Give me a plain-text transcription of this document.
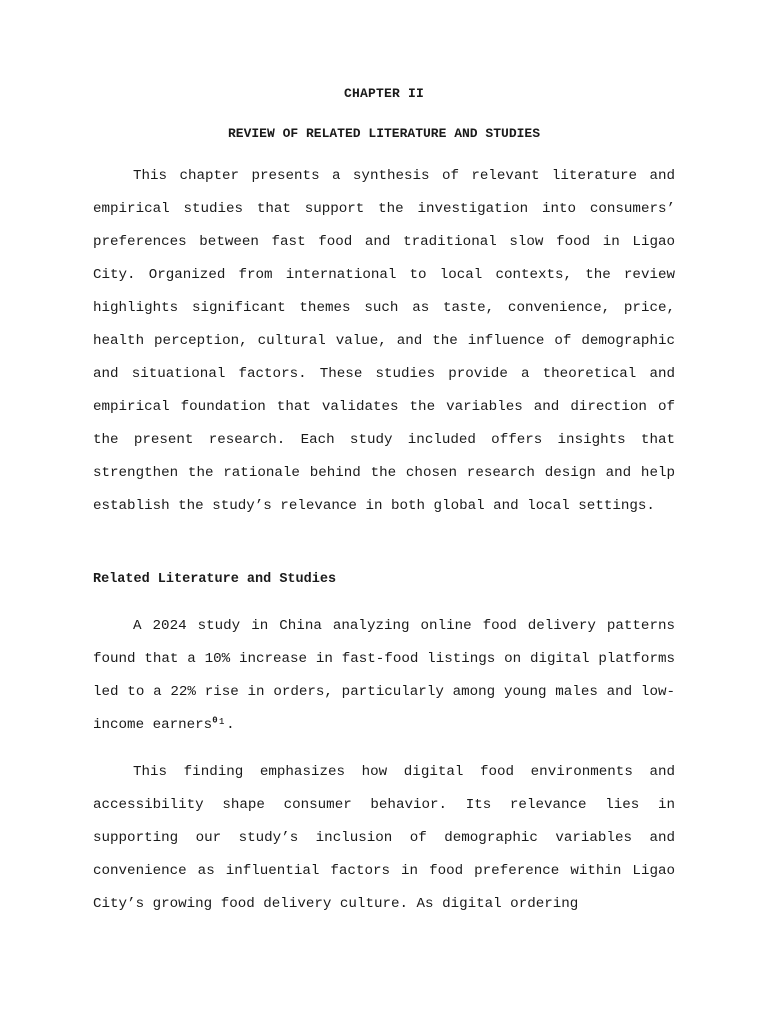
CHAPTER II
REVIEW OF RELATED LITERATURE AND STUDIES

This chapter presents a synthesis of relevant literature and empirical studies that support the investigation into consumers’ preferences between fast food and traditional slow food in Ligao City. Organized from international to local contexts, the review highlights significant themes such as taste, convenience, price, health perception, cultural value, and the influence of demographic and situational factors. These studies provide a theoretical and empirical foundation that validates the variables and direction of the present research. Each study included offers insights that strengthen the rationale behind the chosen research design and help establish the study’s relevance in both global and local settings.

Related Literature and Studies

A 2024 study in China analyzing online food delivery patterns found that a 10% increase in fast-food listings on digital platforms led to a 22% rise in orders, particularly among young males and low-income earners$^0$¹.

This finding emphasizes how digital food environments and accessibility shape consumer behavior. Its relevance lies in supporting our study’s inclusion of demographic variables and convenience as influential factors in food preference within Ligao City’s growing food delivery culture. As digital ordering
